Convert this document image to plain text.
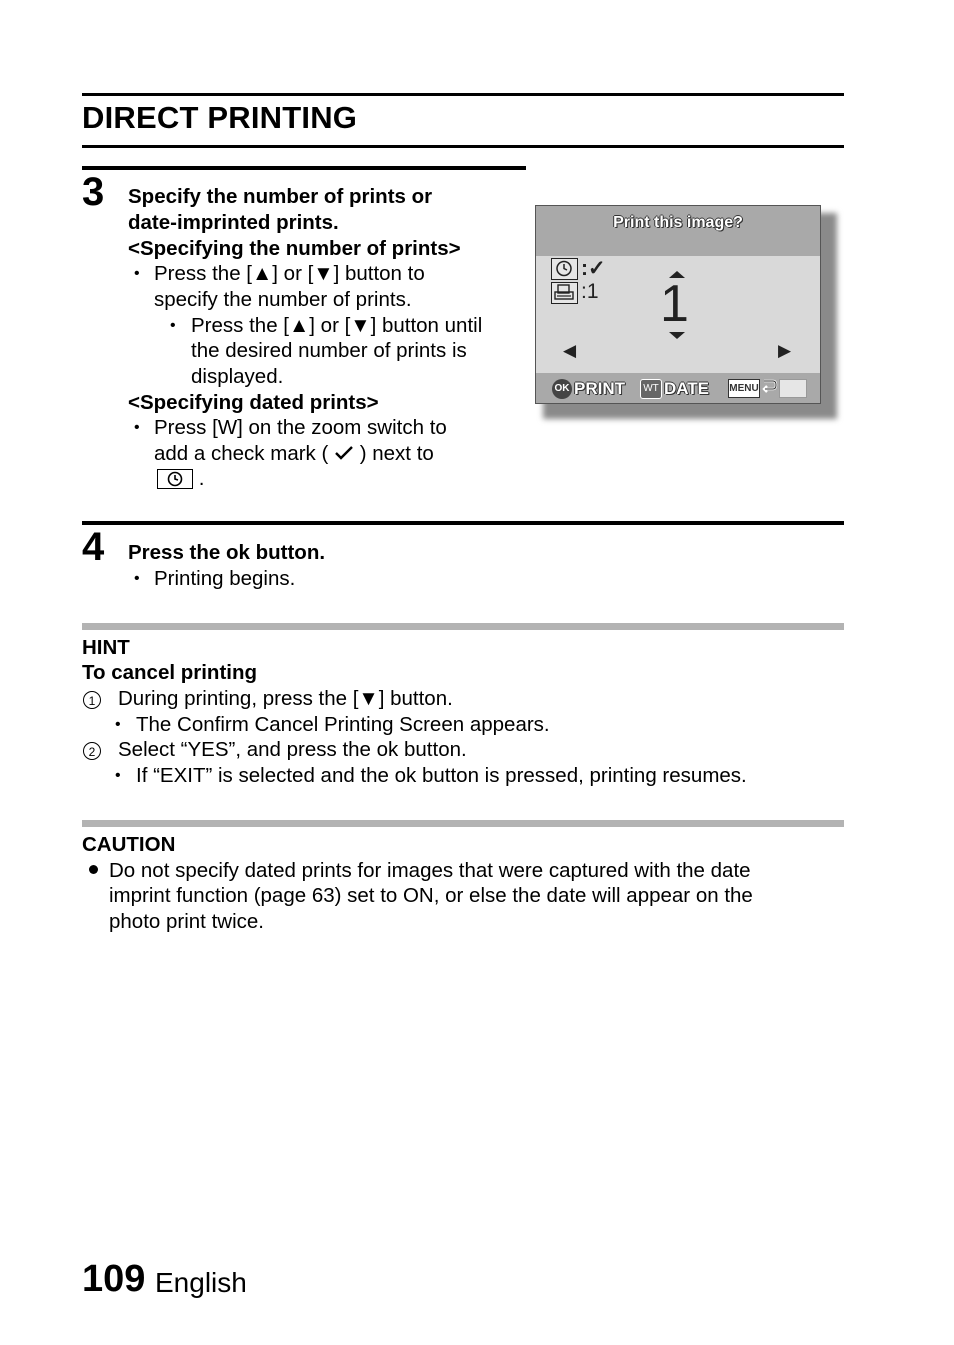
DIRECT PRINTING
3 Specify the number of prints or
date-imprinted prints.
<Specifying the number of prints>
• Press the [▲] or [▼] button to
specify the number of prints.
• Press the [▲] or [▼] button until
the desired number of prints is
displayed.
<Specifying dated prints>
• Press [W] on the zoom switch to
add a check mark ( ) next to
.
Print this image?
:✓
:1 1
◀	▶
OK PRINT	WT DATE MENU
4 Press the ok button.
• Printing begins.
HINT
To cancel printing
1 During printing, press the [▼] button.
• The Confirm Cancel Printing Screen appears.
2 Select “YES”, and press the ok button.
• If “EXIT” is selected and the ok button is pressed, printing resumes.
CAUTION
Do not specify dated prints for images that were captured with the date
imprint function (page 63) set to ON, or else the date will appear on the
photo print twice.
109 English
